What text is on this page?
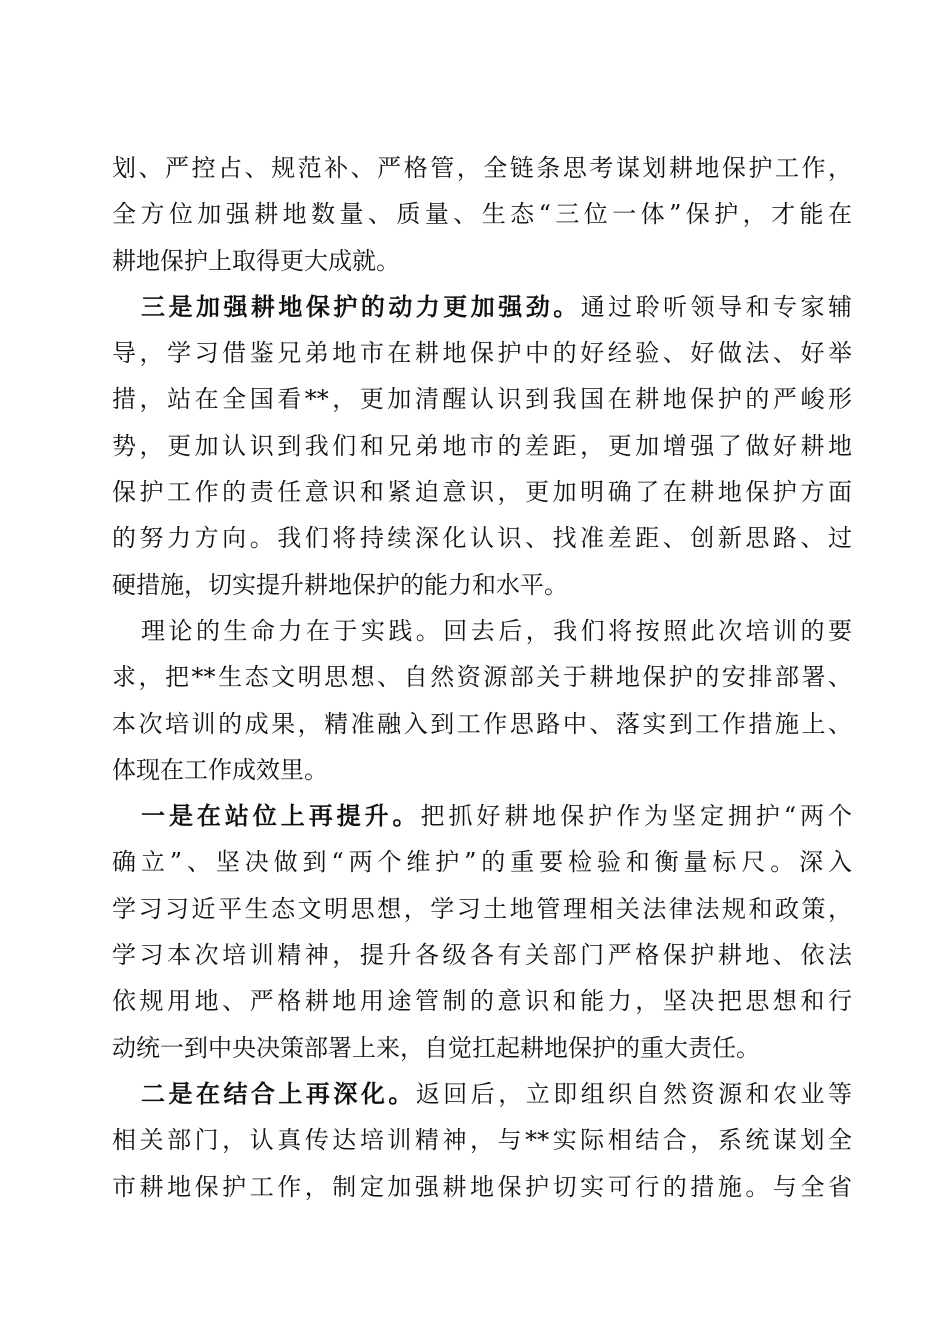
划、严控占、规范补、严格管，全链条思考谋划耕地保护工作，
全方位加强耕地数量、质量、生态“三位一体”保护，才能在
耕地保护上取得更大成就。
三是加强耕地保护的动力更加强劲。通过聆听领导和专家辅
导，学习借鉴兄弟地市在耕地保护中的好经验、好做法、好举
措，站在全国看**，更加清醒认识到我国在耕地保护的严峻形
势，更加认识到我们和兄弟地市的差距，更加增强了做好耕地
保护工作的责任意识和紧迫意识，更加明确了在耕地保护方面
的努力方向。我们将持续深化认识、找准差距、创新思路、过
硬措施，切实提升耕地保护的能力和水平。
理论的生命力在于实践。回去后，我们将按照此次培训的要
求，把**生态文明思想、自然资源部关于耕地保护的安排部署、
本次培训的成果，精准融入到工作思路中、落实到工作措施上、
体现在工作成效里。
一是在站位上再提升。把抓好耕地保护作为坚定拥护“两个
确立”、坚决做到“两个维护”的重要检验和衡量标尺。深入
学习习近平生态文明思想，学习土地管理相关法律法规和政策，
学习本次培训精神，提升各级各有关部门严格保护耕地、依法
依规用地、严格耕地用途管制的意识和能力，坚决把思想和行
动统一到中央决策部署上来，自觉扛起耕地保护的重大责任。
二是在结合上再深化。返回后，立即组织自然资源和农业等
相关部门，认真传达培训精神，与**实际相结合，系统谋划全
市耕地保护工作，制定加强耕地保护切实可行的措施。与全省
